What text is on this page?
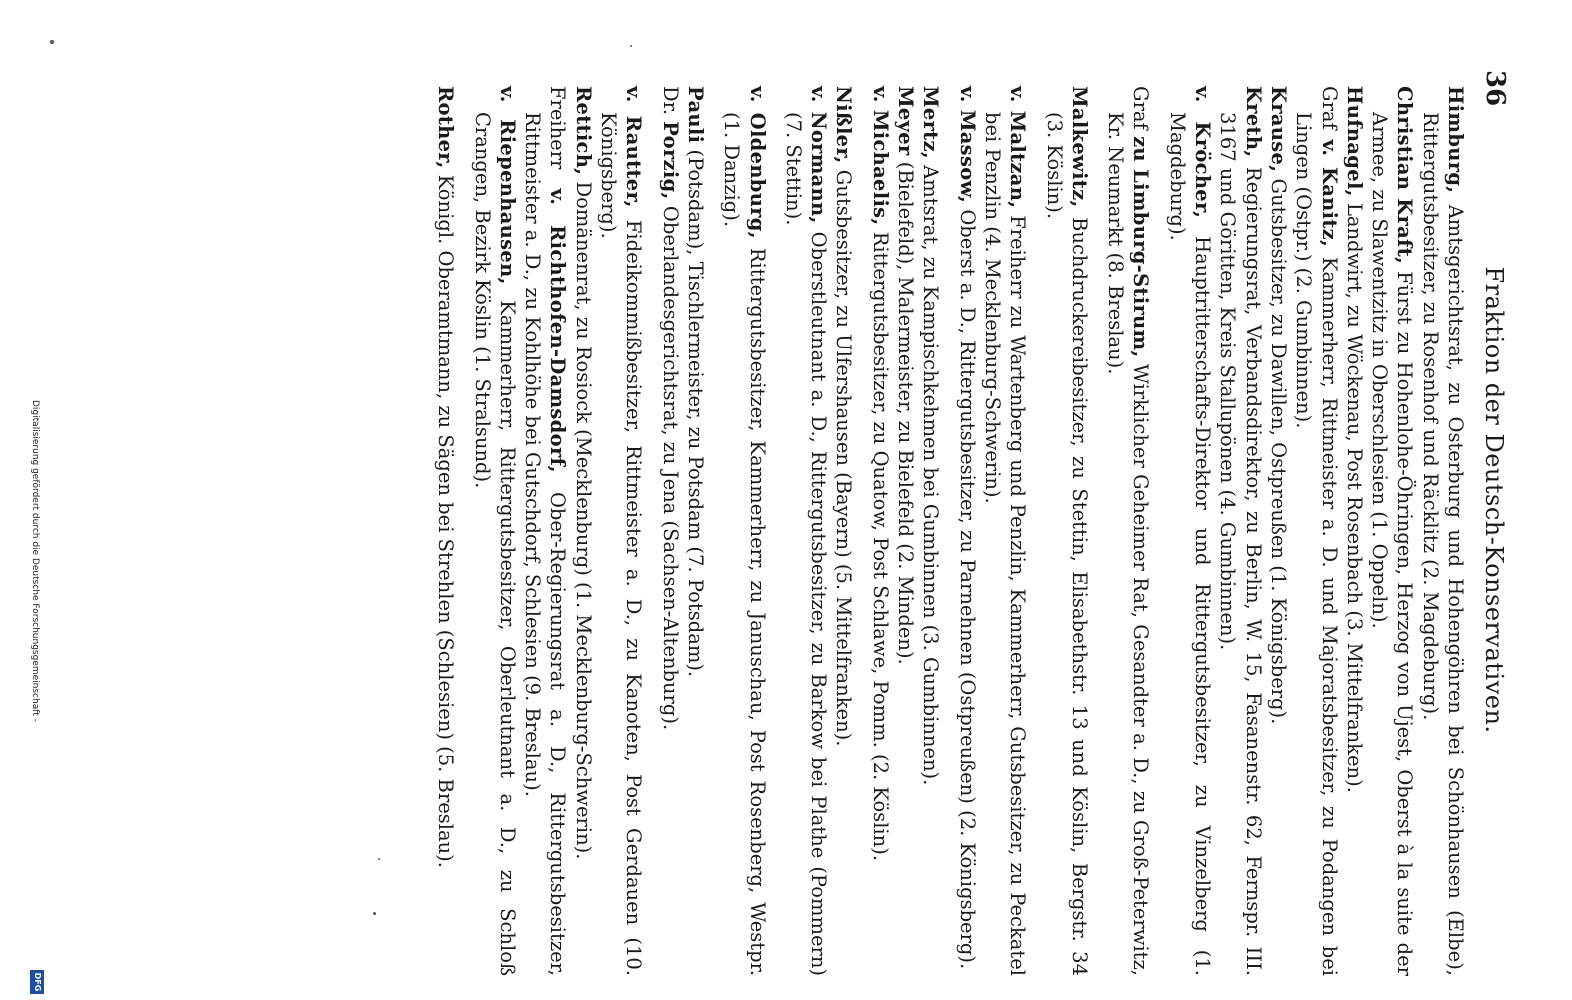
36
Fraktion der Deutsch-Konservativen.

Himburg, Amtsgerichtsrat, zu Osterburg und Hohengöhren bei Schönhausen (Elbe), Rittergutsbesitzer, zu Rosenhof und Räcklitz (2. Magdeburg).

Christian Kraft, Fürst zu Hohenlohe-Öhringen, Herzog von Ujest, Oberst à la suite der Armee, zu Slawentzitz in Oberschlesien (1. Oppeln).

Hufnagel, Landwirt, zu Wöckenau, Post Rosenbach (3. Mittelfranken).

Graf v. Kanitz, Kammerherr, Rittmeister a. D. und Majoratsbesitzer, zu Podangen bei Lingen (Ostpr.) (2. Gumbinnen).

Krause, Gutsbesitzer, zu Dawillen, Ostpreußen (1. Königsberg).

Kreth, Regierungsrat, Verbandsdirektor, zu Berlin, W. 15, Fasanenstr. 62, Fernspr. III. 3167 und Göritten, Kreis Stallupönen (4. Gumbinnen).

v. Kröcher, Hauptritterschafts-Direktor und Rittergutsbesitzer, zu Vinzelberg (1. Magdeburg).

Graf zu Limburg-Stirum, Wirklicher Geheimer Rat, Gesandter a. D., zu Groß-Peterwitz, Kr. Neumarkt (8. Breslau).

Malkewitz, Buchdruckereibesitzer, zu Stettin, Elisabethstr. 13 und Köslin, Bergstr. 34 (3. Köslin).

v. Maltzan, Freiherr zu Wartenberg und Penzlin, Kammerherr, Gutsbesitzer, zu Peckatel bei Penzlin (4. Mecklenburg-Schwerin).

v. Massow, Oberst a. D., Rittergutsbesitzer, zu Parnehnen (Ostpreußen) (2. Königsberg).

Mertz, Amtsrat, zu Kampischkehmen bei Gumbinnen (3. Gumbinnen).

Meyer (Bielefeld), Malermeister, zu Bielefeld (2. Minden).

v. Michaelis, Rittergutsbesitzer, zu Quatow, Post Schlawe, Pomm. (2. Köslin).

Nißler, Gutsbesitzer, zu Ulfershausen (Bayern) (5. Mittelfranken).

v. Normann, Oberstleutnant a. D., Rittergutsbesitzer, zu Barkow bei Plathe (Pommern) (7. Stettin).

v. Oldenburg, Rittergutsbesitzer, Kammerherr, zu Januschau, Post Rosenberg, Westpr. (1. Danzig).

Pauli (Potsdam), Tischlermeister, zu Potsdam (7. Potsdam).

Dr. Porzig, Oberlandesgerichtsrat, zu Jena (Sachsen-Altenburg).

v. Rautter, Fideikommißbesitzer, Rittmeister a. D., zu Kanoten, Post Gerdauen (10. Königsberg).

Rettich, Domänenrat, zu Rosiock (Mecklenburg) (1. Mecklenburg-Schwerin).

Freiherr v. Richthofen-Damsdorf, Ober-Regierungsrat a. D., Rittergutsbesitzer, Rittmeister a. D., zu Kohlhöhe bei Gutschdorf, Schlesien (9. Breslau).

v. Riepenhausen, Kammerherr, Rittergutsbesitzer, Oberleutnant a. D., zu Schloß Crangen, Bezirk Köslin (1. Stralsund).

Rother, Königl. Oberamtmann, zu Sägen bei Strehlen (Schlesien) (5. Breslau).

Digitalisierung gefördert durch die Deutsche Forschungsgemeinschaft -
DFG
